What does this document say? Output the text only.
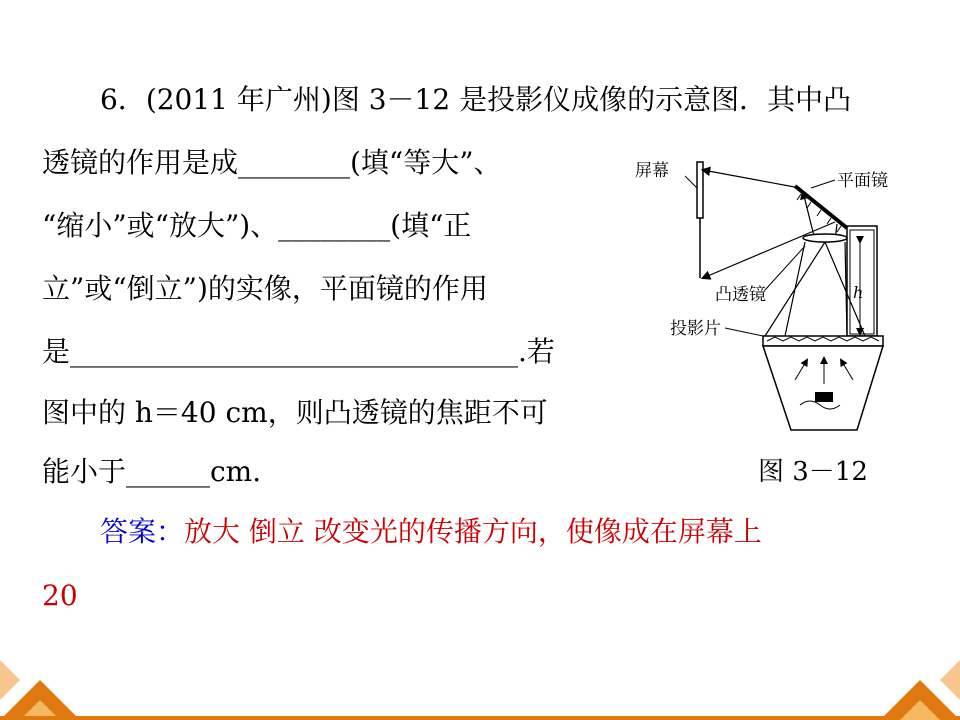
6．(2011 年广州)图 3－12 是投影仪成像的示意图．其中凸
透镜的作用是成________(填“等大”、
“缩小”或“放大”)、________(填“正
立”或“倒立”)的实像，平面镜的作用
是________________________________.若
图中的 h＝40 cm，则凸透镜的焦距不可
能小于______cm.
屏幕	平面镜
凸透镜	h
投影片
图 3－12
答案：放大 倒立 改变光的传播方向，使像成在屏幕上
20
